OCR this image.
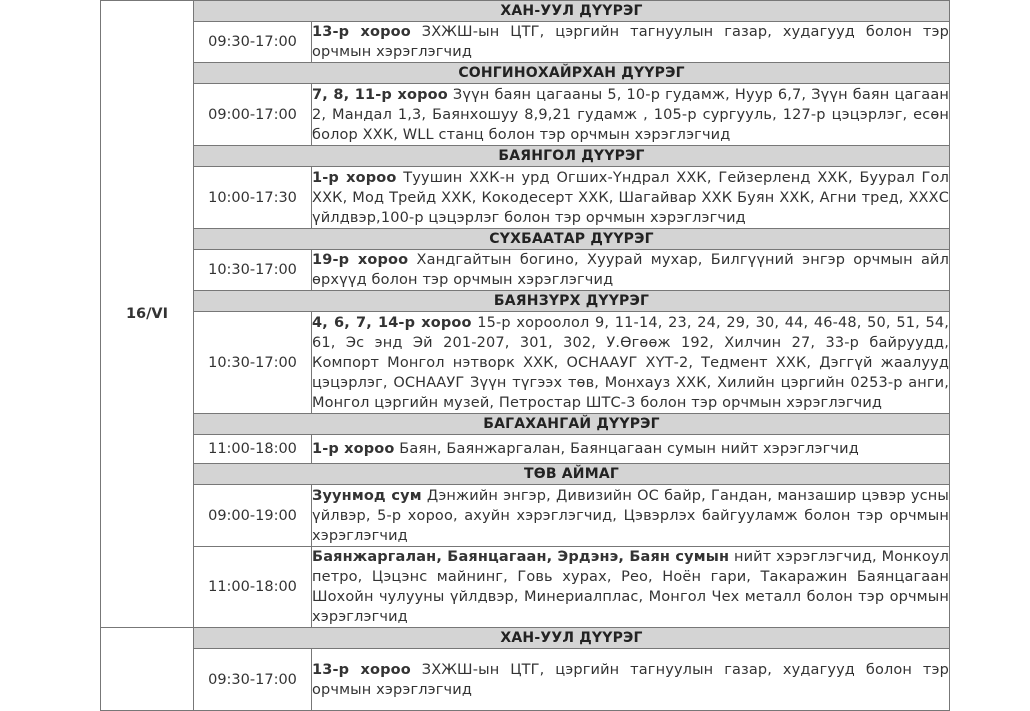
16/VI	ХАН-УУЛ ДҮҮРЭГ	
	09:30-17:00	13-р хороо ЗХЖШ-ын ЦТГ, цэргийн тагнуулын газар, худагууд болон тэр орчмын хэрэглэгчид
	СОНГИНОХАЙРХАН ДҮҮРЭГ	
	09:00-17:00	7, 8, 11-р хороо Зүүн баян цагааны 5, 10-р гудамж, Нуур 6,7, Зүүн баян цагаан 2, Мандал 1,3, Баянхошуу 8,9,21 гудамж , 105-р сургууль, 127-р цэцэрлэг, есөн болор ХХК, WLL станц болон тэр орчмын хэрэглэгчид
	БАЯНГОЛ ДҮҮРЭГ	
	10:00-17:30	1-р хороо Туушин ХХК-н урд Огших-Үндрал ХХК, Гейзерленд ХХК, Буурал Гол ХХК, Мод Трейд ХХК, Кокодесерт ХХК, Шагайвар ХХК Буян ХХК, Агни тред, ХХХС үйлдвэр,100-р цэцэрлэг болон тэр орчмын хэрэглэгчид
	СҮХБААТАР ДҮҮРЭГ	
	10:30-17:00	19-р хороо Хандгайтын богино, Хуурай мухар, Билгүүний энгэр орчмын айл өрхүүд болон тэр орчмын хэрэглэгчид
	БАЯНЗҮРХ ДҮҮРЭГ	
	10:30-17:00	4, 6, 7, 14-р хороо 15-р хороолол 9, 11-14, 23, 24, 29, 30, 44, 46-48, 50, 51, 54, 61, Эс энд Эй 201-207, 301, 302, У.Өгөөж 192, Хилчин 27, 33-р байруудд, Компорт Монгол нэтворк ХХК, ОСНААУГ ХҮТ-2, Тедмент ХХК, Дэггүй жаалууд цэцэрлэг, ОСНААУГ Зүүн түгээх төв, Монхауз ХХК, Хилийн цэргийн 0253-р анги, Монгол цэргийн музей, Петростар ШТС-3 болон тэр орчмын хэрэглэгчид
	БАГАХАНГАЙ ДҮҮРЭГ	
	11:00-18:00	1-р хороо Баян, Баянжаргалан, Баянцагаан сумын нийт хэрэглэгчид
	ТӨВ АЙМАГ	
	09:00-19:00	Зуунмод сум Дэнжийн энгэр, Дивизийн ОС байр, Гандан, манзашир цэвэр усны үйлвэр, 5-р хороо, ахуйн хэрэглэгчид, Цэвэрлэх байгууламж болон тэр орчмын хэрэглэгчид
	11:00-18:00	Баянжаргалан, Баянцагаан, Эрдэнэ, Баян сумын нийт хэрэглэгчид, Монкоул петро, Цэцэнс майнинг, Говь хурах, Рео, Ноён гари, Такаражин Баянцагаан Шохойн чулууны үйлдвэр, Минериалплас, Монгол Чех металл болон тэр орчмын хэрэглэгчид
	ХАН-УУЛ ДҮҮРЭГ	
	09:30-17:00	13-р хороо ЗХЖШ-ын ЦТГ, цэргийн тагнуулын газар, худагууд болон тэр орчмын хэрэглэгчид
